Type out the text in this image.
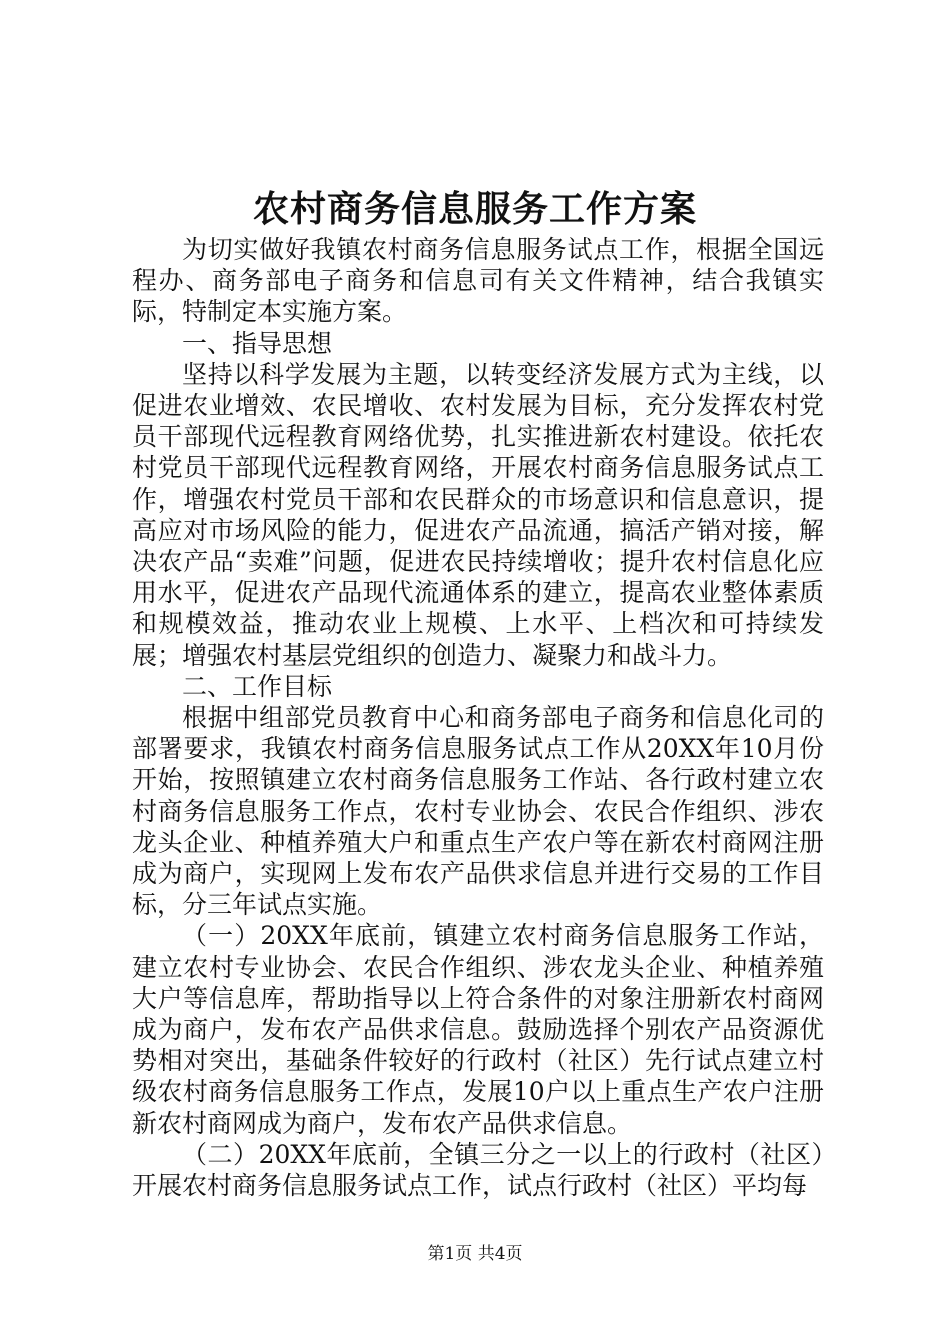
农村商务信息服务工作方案

为切实做好我镇农村商务信息服务试点工作，根据全国远程办、商务部电子商务和信息司有关文件精神，结合我镇实际，特制定本实施方案。

一、指导思想

坚持以科学发展为主题，以转变经济发展方式为主线，以促进农业增效、农民增收、农村发展为目标，充分发挥农村党员干部现代远程教育网络优势，扎实推进新农村建设。依托农村党员干部现代远程教育网络，开展农村商务信息服务试点工作，增强农村党员干部和农民群众的市场意识和信息意识，提高应对市场风险的能力，促进农产品流通，搞活产销对接，解决农产品“卖难”问题，促进农民持续增收；提升农村信息化应用水平，促进农产品现代流通体系的建立，提高农业整体素质和规模效益，推动农业上规模、上水平、上档次和可持续发展；增强农村基层党组织的创造力、凝聚力和战斗力。

二、工作目标

根据中组部党员教育中心和商务部电子商务和信息化司的部署要求，我镇农村商务信息服务试点工作从20XX年10月份开始，按照镇建立农村商务信息服务工作站、各行政村建立农村商务信息服务工作点，农村专业协会、农民合作组织、涉农龙头企业、种植养殖大户和重点生产农户等在新农村商网注册成为商户，实现网上发布农产品供求信息并进行交易的工作目标，分三年试点实施。

（一）20XX年底前，镇建立农村商务信息服务工作站，建立农村专业协会、农民合作组织、涉农龙头企业、种植养殖大户等信息库，帮助指导以上符合条件的对象注册新农村商网成为商户，发布农产品供求信息。鼓励选择个别农产品资源优势相对突出，基础条件较好的行政村（社区）先行试点建立村级农村商务信息服务工作点，发展10户以上重点生产农户注册新农村商网成为商户，发布农产品供求信息。

（二）20XX年底前，全镇三分之一以上的行政村（社区）开展农村商务信息服务试点工作，试点行政村（社区）平均每

第1页 共4页
